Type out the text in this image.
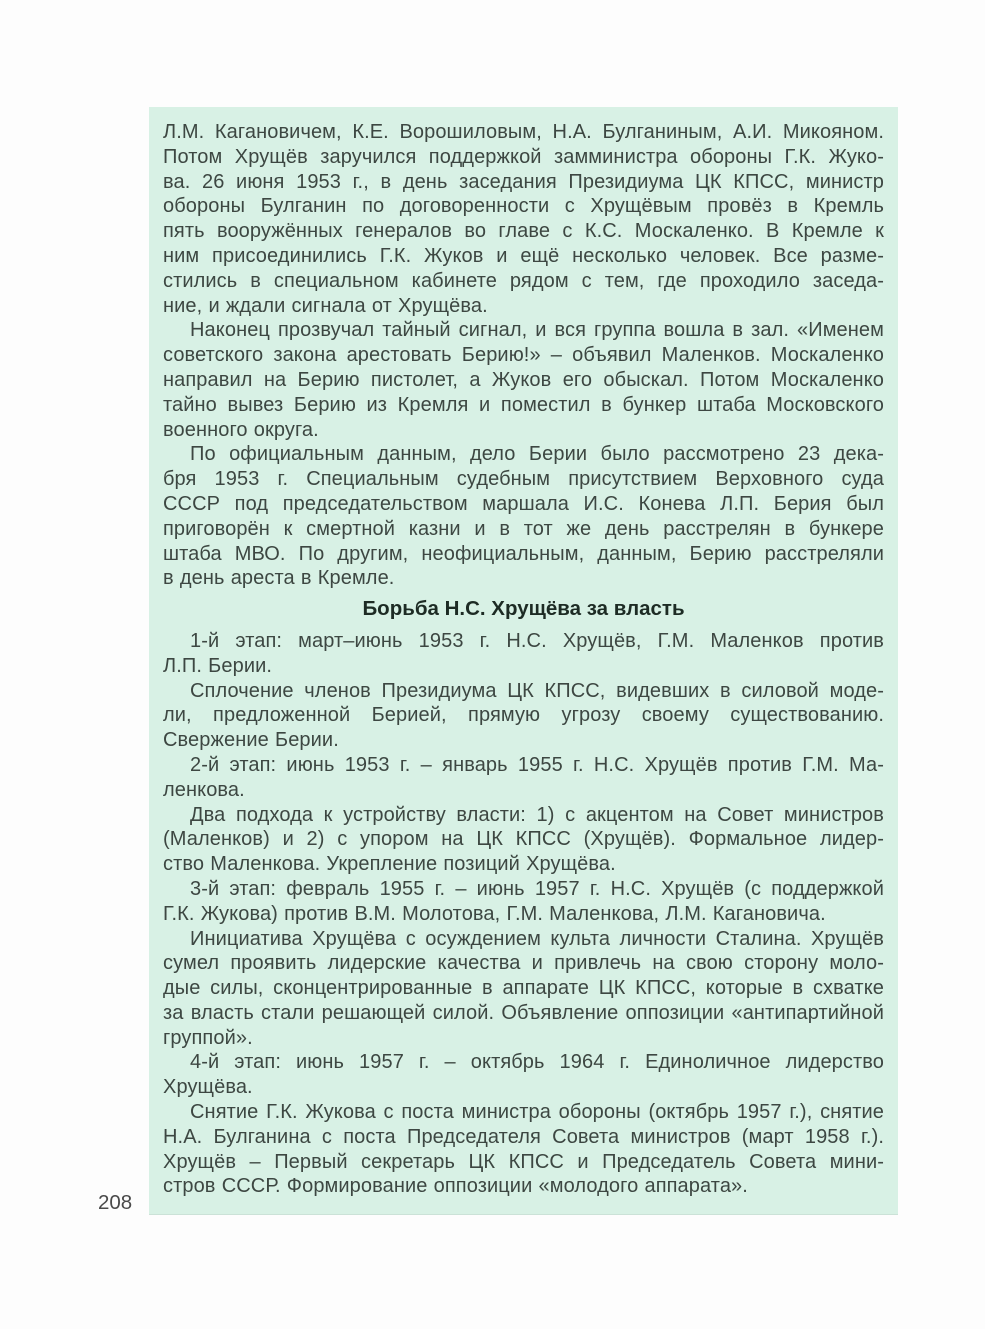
Л.М. Кагановичем, К.Е. Ворошиловым, Н.А. Булганиным, А.И. Микояном.
Потом Хрущёв заручился поддержкой замминистра обороны Г.К. Жуко-
ва. 26 июня 1953 г., в день заседания Президиума ЦК КПСС, министр
обороны Булганин по договоренности с Хрущёвым провёз в Кремль
пять вооружённых генералов во главе с К.С. Москаленко. В Кремле к
ним присоединились Г.К. Жуков и ещё несколько человек. Все разме-
стились в специальном кабинете рядом с тем, где проходило заседа-
ние, и ждали сигнала от Хрущёва.
Наконец прозвучал тайный сигнал, и вся группа вошла в зал. «Именем
советского закона арестовать Берию!» – объявил Маленков. Москаленко
направил на Берию пистолет, а Жуков его обыскал. Потом Москаленко
тайно вывез Берию из Кремля и поместил в бункер штаба Московского
военного округа.
По официальным данным, дело Берии было рассмотрено 23 дека-
бря 1953 г. Специальным судебным присутствием Верховного суда
СССР под председательством маршала И.С. Конева Л.П. Берия был
приговорён к смертной казни и в тот же день расстрелян в бункере
штаба МВО. По другим, неофициальным, данным, Берию расстреляли
в день ареста в Кремле.
Борьба Н.С. Хрущёва за власть
1-й этап: март–июнь 1953 г. Н.С. Хрущёв, Г.М. Маленков против
Л.П. Берии.
Сплочение членов Президиума ЦК КПСС, видевших в силовой моде-
ли, предложенной Берией, прямую угрозу своему существованию.
Свержение Берии.
2-й этап: июнь 1953 г. – январь 1955 г. Н.С. Хрущёв против Г.М. Ма-
ленкова.
Два подхода к устройству власти: 1) с акцентом на Совет министров
(Маленков) и 2) с упором на ЦК КПСС (Хрущёв). Формальное лидер-
ство Маленкова. Укрепление позиций Хрущёва.
3-й этап: февраль 1955 г. – июнь 1957 г. Н.С. Хрущёв (с поддержкой
Г.К. Жукова) против В.М. Молотова, Г.М. Маленкова, Л.М. Кагановича.
Инициатива Хрущёва с осуждением культа личности Сталина. Хрущёв
сумел проявить лидерские качества и привлечь на свою сторону моло-
дые силы, сконцентрированные в аппарате ЦК КПСС, которые в схватке
за власть стали решающей силой. Объявление оппозиции «антипартийной
группой».
4-й этап: июнь 1957 г. – октябрь 1964 г. Единоличное лидерство
Хрущёва.
Снятие Г.К. Жукова с поста министра обороны (октябрь 1957 г.), снятие
Н.А. Булганина с поста Председателя Совета министров (март 1958 г.).
Хрущёв – Первый секретарь ЦК КПСС и Председатель Совета мини-
стров СССР. Формирование оппозиции «молодого аппарата».
208
